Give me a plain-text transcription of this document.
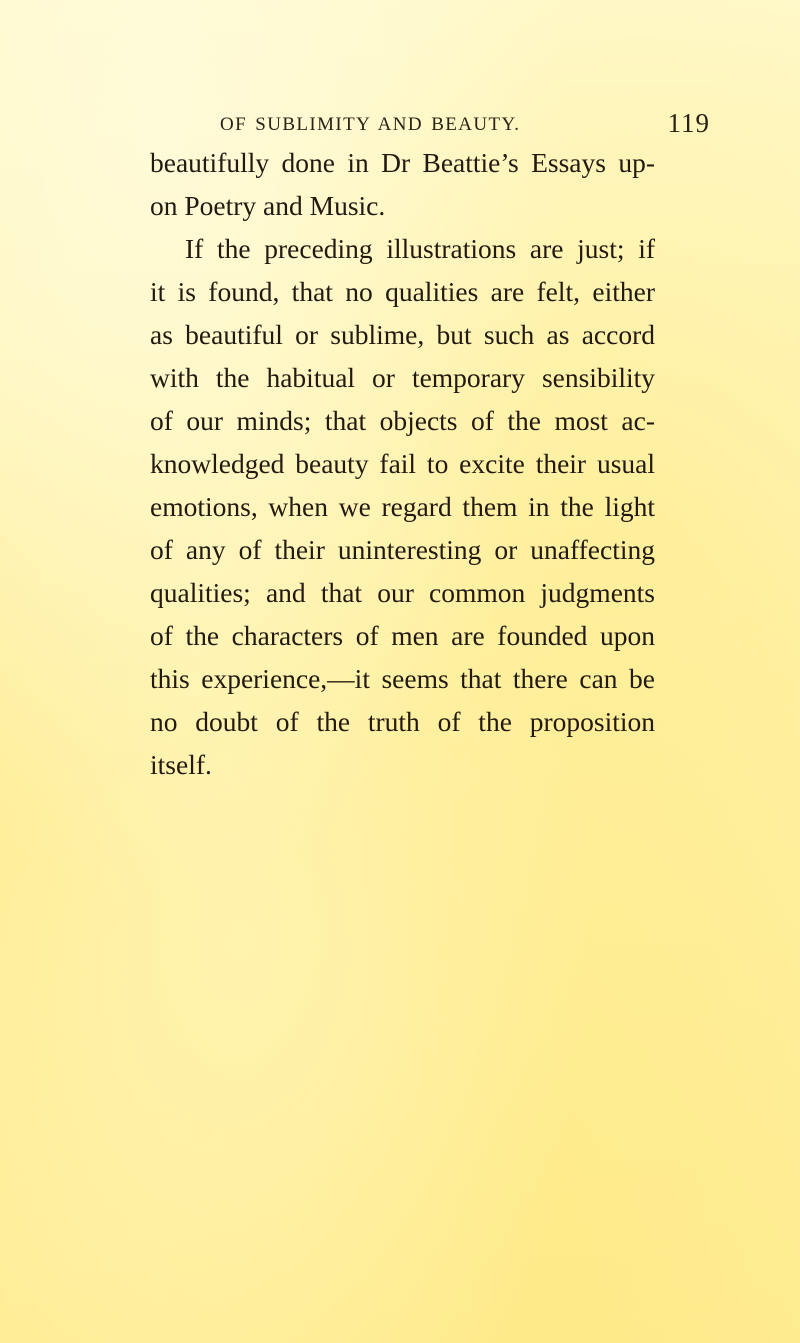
OF SUBLIMITY AND BEAUTY.	119
beautifully done in Dr Beattie’s Essays up-
on Poetry and Music.
If the preceding illustrations are just; if
it is found, that no qualities are felt, either
as beautiful or sublime, but such as accord
with the habitual or temporary sensibility
of our minds; that objects of the most ac-
knowledged beauty fail to excite their usual
emotions, when we regard them in the light
of any of their uninteresting or unaffecting
qualities; and that our common judgments
of the characters of men are founded upon
this experience,—it seems that there can be
no doubt of the truth of the proposition
itself.
